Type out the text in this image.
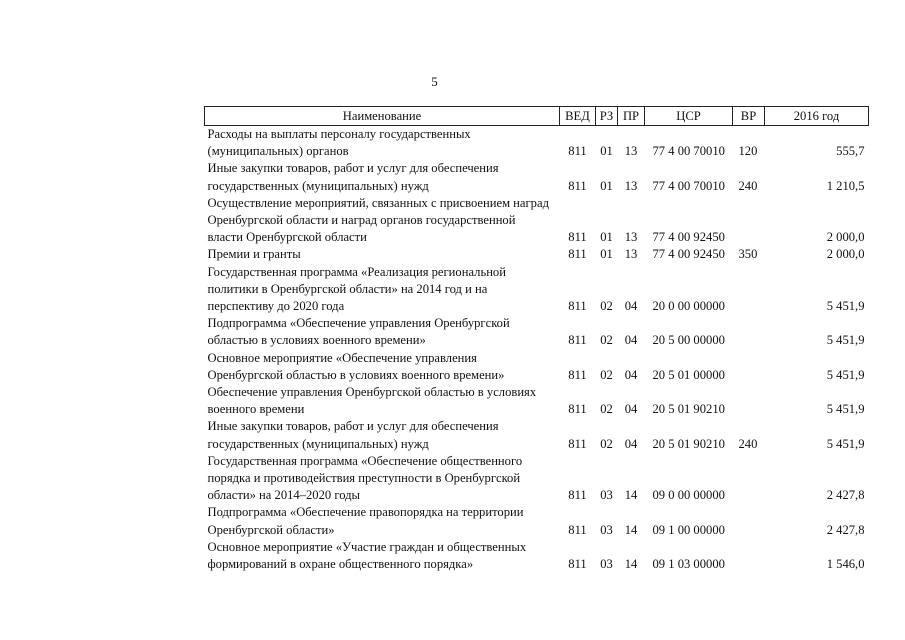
5
Наименование	ВЕД	РЗ	ПР	ЦСР	ВР	2016 год
Расходы на выплаты персоналу государственных (муниципальных) органов	811	01	13	77 4 00 70010	120	555,7
Иные закупки товаров, работ и услуг для обеспечения государственных (муниципальных) нужд	811	01	13	77 4 00 70010	240	1 210,5
Осуществление мероприятий, связанных с присвоением наград Оренбургской области и наград органов государственной власти Оренбургской области	811	01	13	77 4 00 92450		2 000,0
Премии и гранты	811	01	13	77 4 00 92450	350	2 000,0
Государственная программа «Реализация региональной политики в Оренбургской области» на 2014 год и на перспективу до 2020 года	811	02	04	20 0 00 00000		5 451,9
Подпрограмма «Обеспечение управления Оренбургской областью в условиях военного времени»	811	02	04	20 5 00 00000		5 451,9
Основное мероприятие «Обеспечение управления Оренбургской областью в условиях военного времени»	811	02	04	20 5 01 00000		5 451,9
Обеспечение управления Оренбургской областью в условиях военного времени	811	02	04	20 5 01 90210		5 451,9
Иные закупки товаров, работ и услуг для обеспечения государственных (муниципальных) нужд	811	02	04	20 5 01 90210	240	5 451,9
Государственная программа «Обеспечение общественного порядка и противодействия преступности в Оренбургской области» на 2014–2020 годы	811	03	14	09 0 00 00000		2 427,8
Подпрограмма «Обеспечение правопорядка на территории Оренбургской области»	811	03	14	09 1 00 00000		2 427,8
Основное мероприятие «Участие граждан и общественных формирований в охране общественного порядка»	811	03	14	09 1 03 00000		1 546,0
